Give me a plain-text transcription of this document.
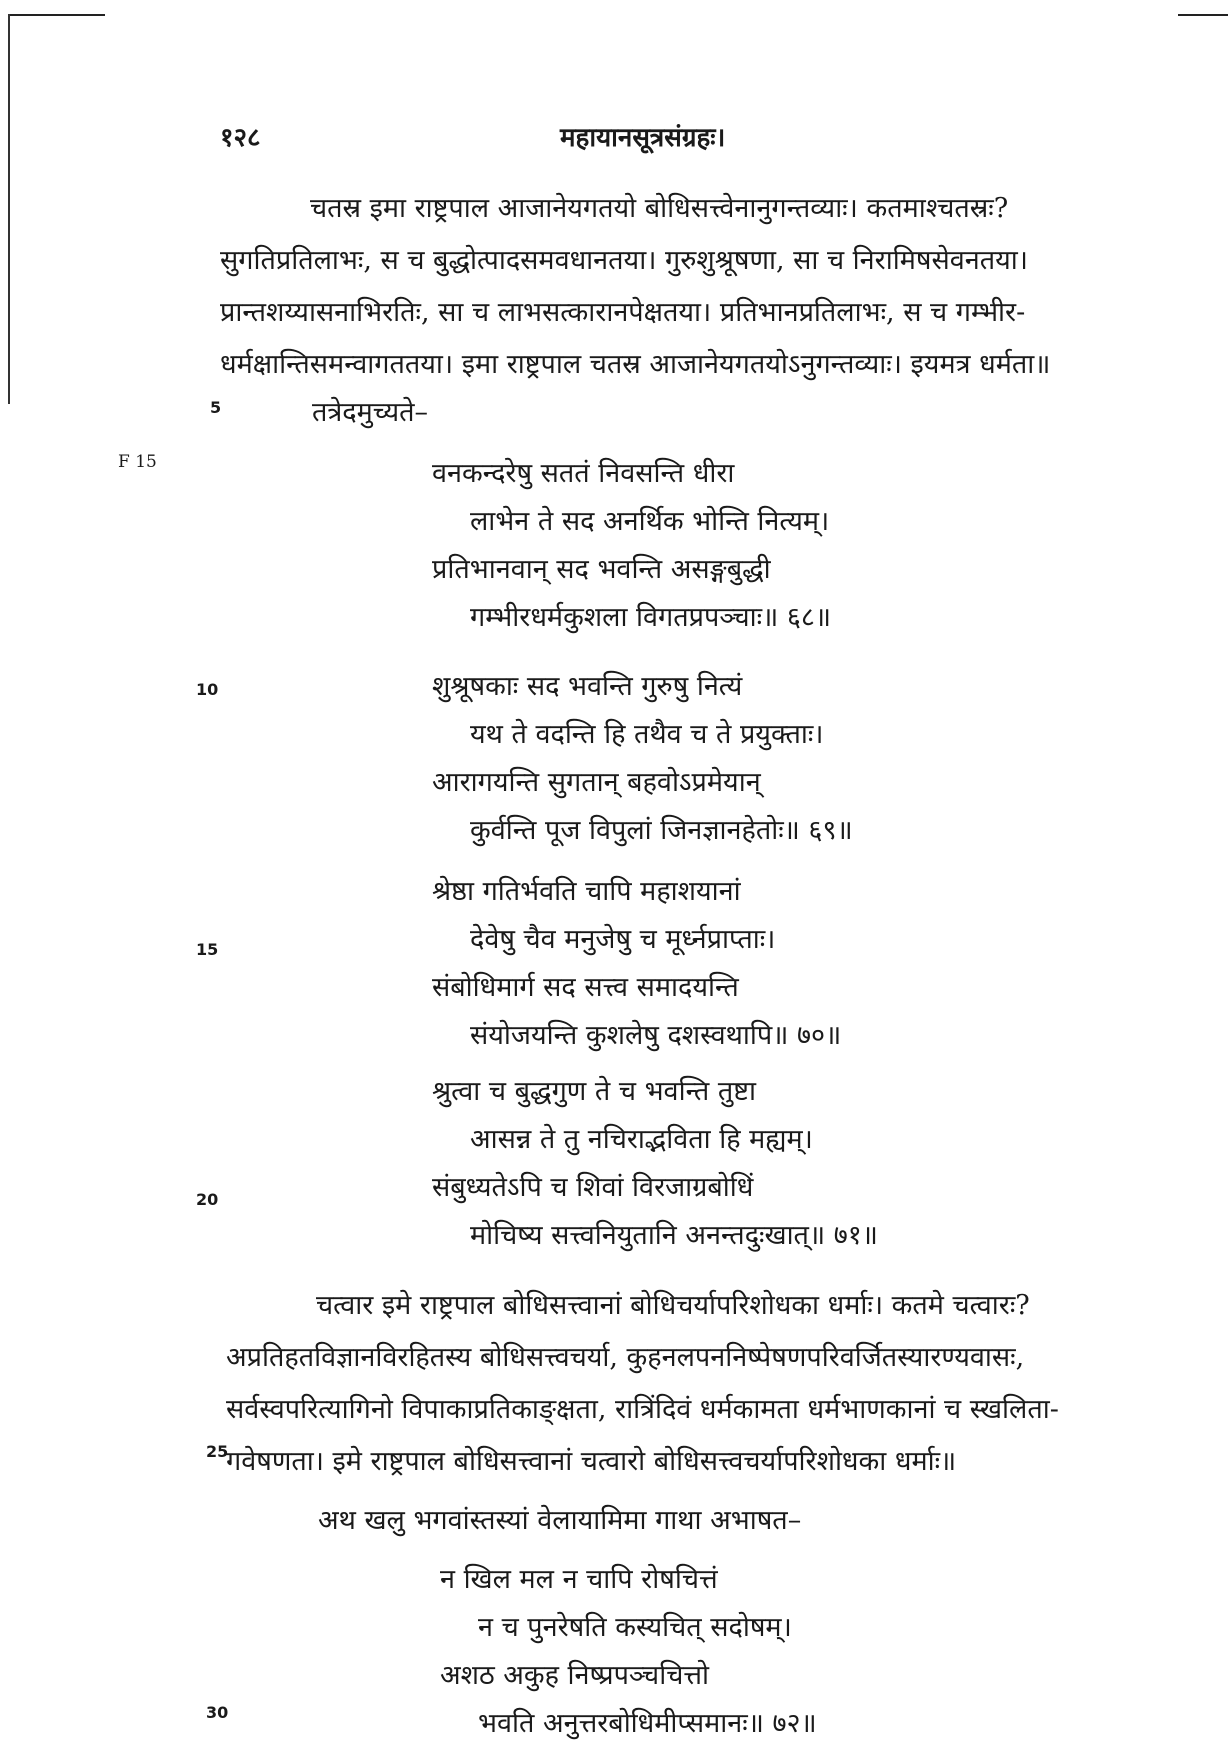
१२८	महायानसूत्रसंग्रहः।
चतस्र इमा राष्ट्रपाल आजानेयगतयो बोधिसत्त्वेनानुगन्तव्याः। कतमाश्चतस्रः?
सुगतिप्रतिलाभः, स च बुद्धोत्पादसमवधानतया। गुरुशुश्रूषणा, सा च निरामिषसेवनतया।
प्रान्तशय्यासनाभिरतिः, सा च लाभसत्कारानपेक्षतया। प्रतिभानप्रतिलाभः, स च गम्भीर-
धर्मक्षान्तिसमन्वागततया। इमा राष्ट्रपाल चतस्र आजानेयगतयोऽनुगन्तव्याः। इयमत्र धर्मता॥
5
F 15
10
15
20
25
30
तत्रेदमुच्यते–
वनकन्दरेषु सततं निवसन्ति धीरा
लाभेन ते सद अनर्थिक भोन्ति नित्यम्।
प्रतिभानवान् सद भवन्ति असङ्गबुद्धी
गम्भीरधर्मकुशला विगतप्रपञ्चाः॥ ६८॥
शुश्रूषकाः सद भवन्ति गुरुषु नित्यं
यथ ते वदन्ति हि तथैव च ते प्रयुक्ताः।
आरागयन्ति सुगतान् बहवोऽप्रमेयान्
कुर्वन्ति पूज विपुलां जिनज्ञानहेतोः॥ ६९॥
श्रेष्ठा गतिर्भवति चापि महाशयानां
देवेषु चैव मनुजेषु च मूर्ध्नप्राप्ताः।
संबोधिमार्ग सद सत्त्व समादयन्ति
संयोजयन्ति कुशलेषु दशस्वथापि॥ ७०॥
श्रुत्वा च बुद्धगुण ते च भवन्ति तुष्टा
आसन्न ते तु नचिराद्भविता हि मह्यम्।
संबुध्यतेऽपि च शिवां विरजाग्रबोधिं
मोचिष्य सत्त्वनियुतानि अनन्तदुःखात्॥ ७१॥
चत्वार इमे राष्ट्रपाल बोधिसत्त्वानां बोधिचर्यापरिशोधका धर्माः। कतमे चत्वारः?
अप्रतिहतविज्ञानविरहितस्य बोधिसत्त्वचर्या, कुहनलपननिष्पेषणपरिवर्जितस्यारण्यवासः,
सर्वस्वपरित्यागिनो विपाकाप्रतिकाङ्क्षता, रात्रिंदिवं धर्मकामता धर्मभाणकानां च स्खलिता-
गवेषणता। इमे राष्ट्रपाल बोधिसत्त्वानां चत्वारो बोधिसत्त्वचर्यापरिशोधका धर्माः॥
अथ खलु भगवांस्तस्यां वेलायामिमा गाथा अभाषत–
न खिल मल न चापि रोषचित्तं
न च पुनरेषति कस्यचित् सदोषम्।
अशठ अकुह निष्प्रपञ्चचित्तो
भवति अनुत्तरबोधिमीप्समानः॥ ७२॥
